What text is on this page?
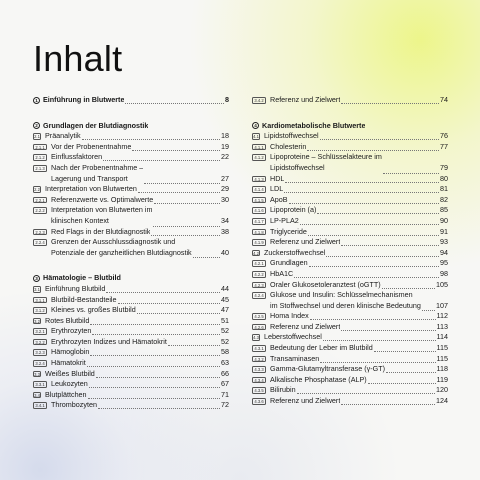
Inhalt
1 Einführung in Blutwerte	8
2 Grundlagen der Blutdiagnostik
2.1 Präanalytik	18
2.1.1 Vor der Probenentnahme	19
2.1.2 Einflussfaktoren	22
2.1.3 Nach der Probenentnahme –
Lagerung und Transport	27
2.2 Interpretation von Blutwerten	29
2.2.1 Referenzwerte vs. Optimalwerte	30
2.2.2 Interpretation von Blutwerten im
klinischen Kontext	34
2.2.3 Red Flags in der Blutdiagnostik	38
2.2.4 Grenzen der Ausschlussdiagnostik und
Potenziale der ganzheitlichen Blutdiagnostik	40
3 Hämatologie – Blutbild
3.1 Einführung Blutbild	44
3.1.1 Blutbild-Bestandteile	45
3.1.2 Kleines vs. großes Blutbild	47
3.2 Rotes Blutbild	51
3.2.1 Erythrozyten	52
3.2.2 Erythrozyten Indizes und Hämatokrit	52
3.2.3 Hämoglobin	58
3.2.4 Hämatokrit	63
3.3 Weißes Blutbild	66
3.3.1 Leukozyten	67
3.4 Blutplättchen	71
3.4.1 Thrombozyten	72
3.4.2 Referenz und Zielwert	74
4 Kardiometabolische Blutwerte
4.1 Lipidstoffwechsel	76
4.1.1 Cholesterin	77
4.1.2 Lipoproteine – Schlüsselakteure im
Lipidstoffwechsel	79
4.1.3 HDL	80
4.1.4 LDL	81
4.1.5 ApoB	82
4.1.6 Lipoprotein (a)	85
4.1.7 LP-PLA2	90
4.1.8 Triglyceride	91
4.1.9 Referenz und Zielwert	93
4.2 Zuckerstoffwechsel	94
4.2.1 Grundlagen	95
4.2.2 HbA1C	98
4.2.3 Oraler Glukosetoleranztest (oGTT)	105
4.2.4 Glukose und Insulin: Schlüsselmechanismen
im Stoffwechsel und deren klinische Bedeutung 107
4.2.5 Homa Index	112
4.2.6 Referenz und Zielwert	113
4.3 Leberstoffwechsel	114
4.3.1 Bedeutung der Leber im Blutbild	115
4.3.2 Transaminasen	115
4.3.3 Gamma-Glutamyltransferase (γ-GT)	118
4.3.4 Alkalische Phosphatase (ALP)	119
4.3.5 Bilirubin	120
4.3.6 Referenz und Zielwert	124
